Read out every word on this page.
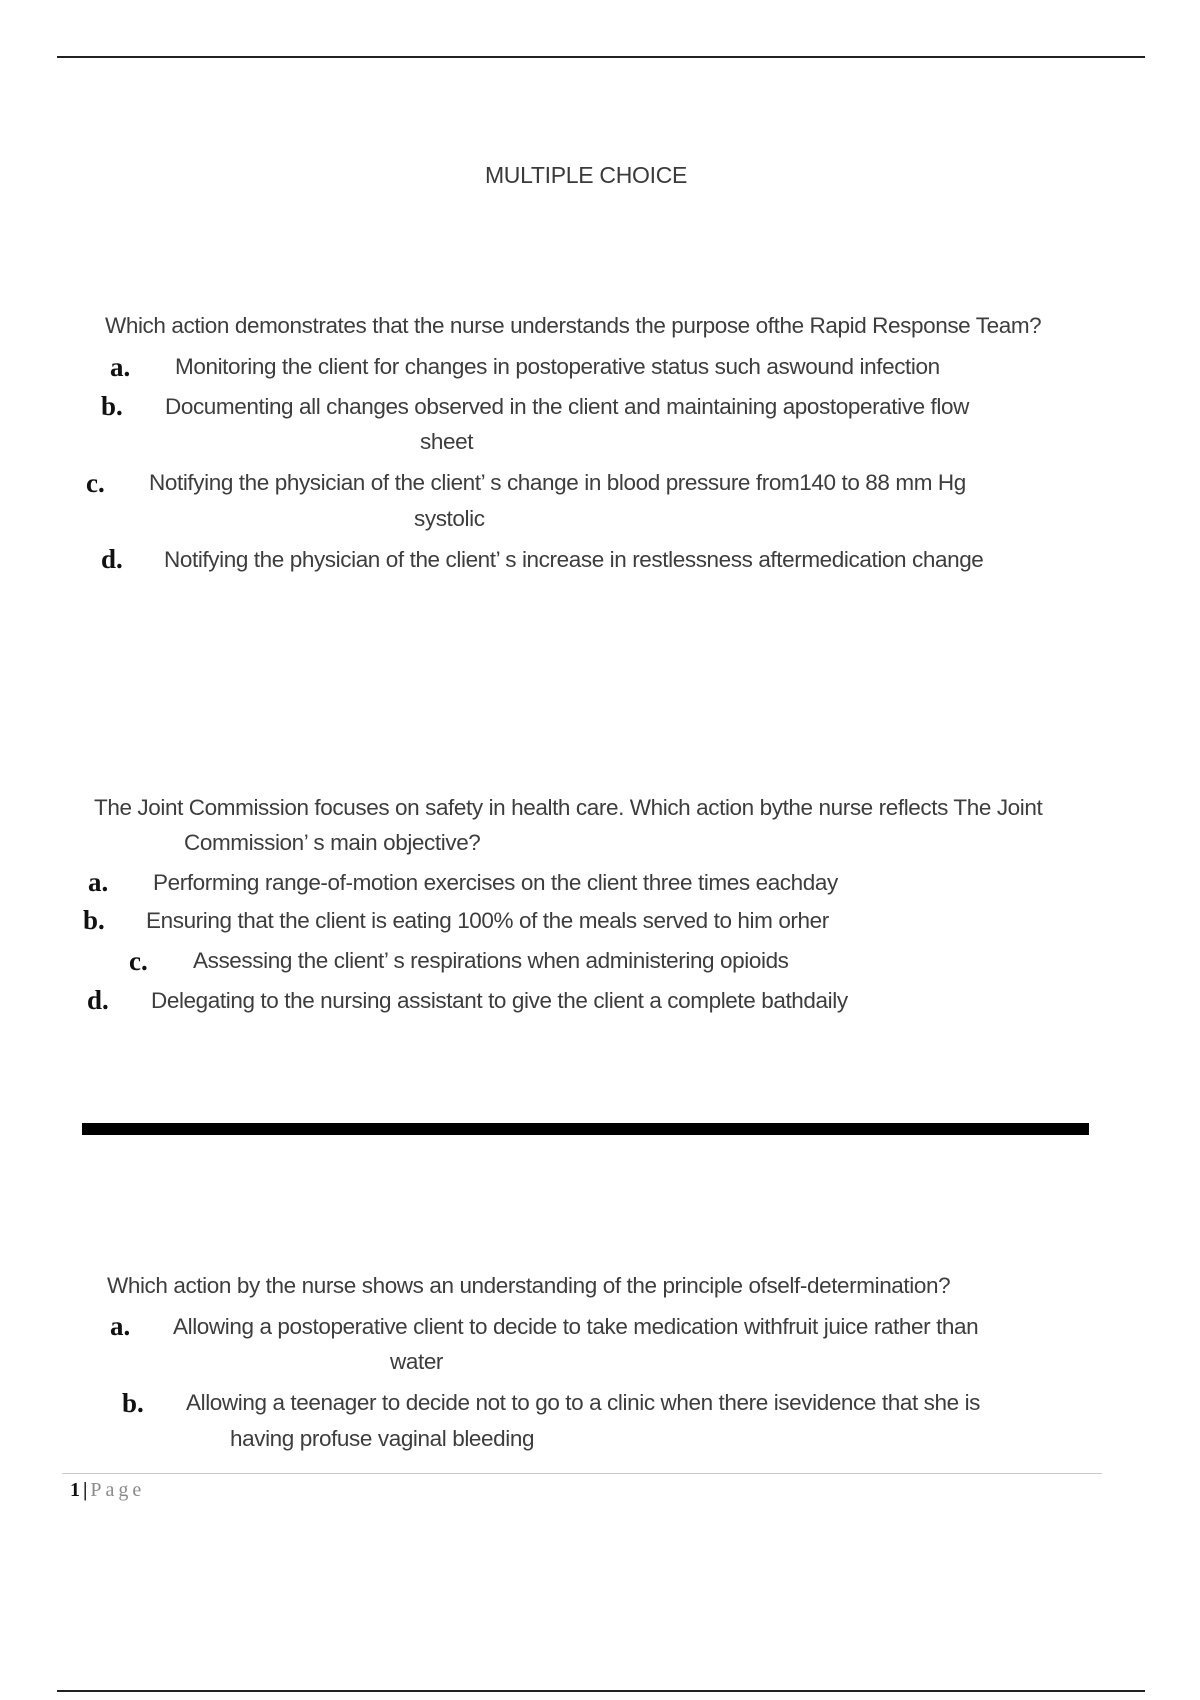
MULTIPLE CHOICE
Which action demonstrates that the nurse understands the purpose ofthe Rapid Response Team?
a. Monitoring the client for changes in postoperative status such aswound infection
b. Documenting all changes observed in the client and maintaining apostoperative flow
sheet
c. Notifying the physician of the client’ s change in blood pressure from140 to 88 mm Hg
systolic
d. Notifying the physician of the client’ s increase in restlessness aftermedication change
The Joint Commission focuses on safety in health care. Which action bythe nurse reflects The Joint
Commission’ s main objective?
a. Performing range-of-motion exercises on the client three times eachday
b. Ensuring that the client is eating 100% of the meals served to him orher
c. Assessing the client’ s respirations when administering opioids
d. Delegating to the nursing assistant to give the client a complete bathdaily
Which action by the nurse shows an understanding of the principle ofself-determination?
a. Allowing a postoperative client to decide to take medication withfruit juice rather than
water
b. Allowing a teenager to decide not to go to a clinic when there isevidence that she is
having profuse vaginal bleeding
1 | Page
